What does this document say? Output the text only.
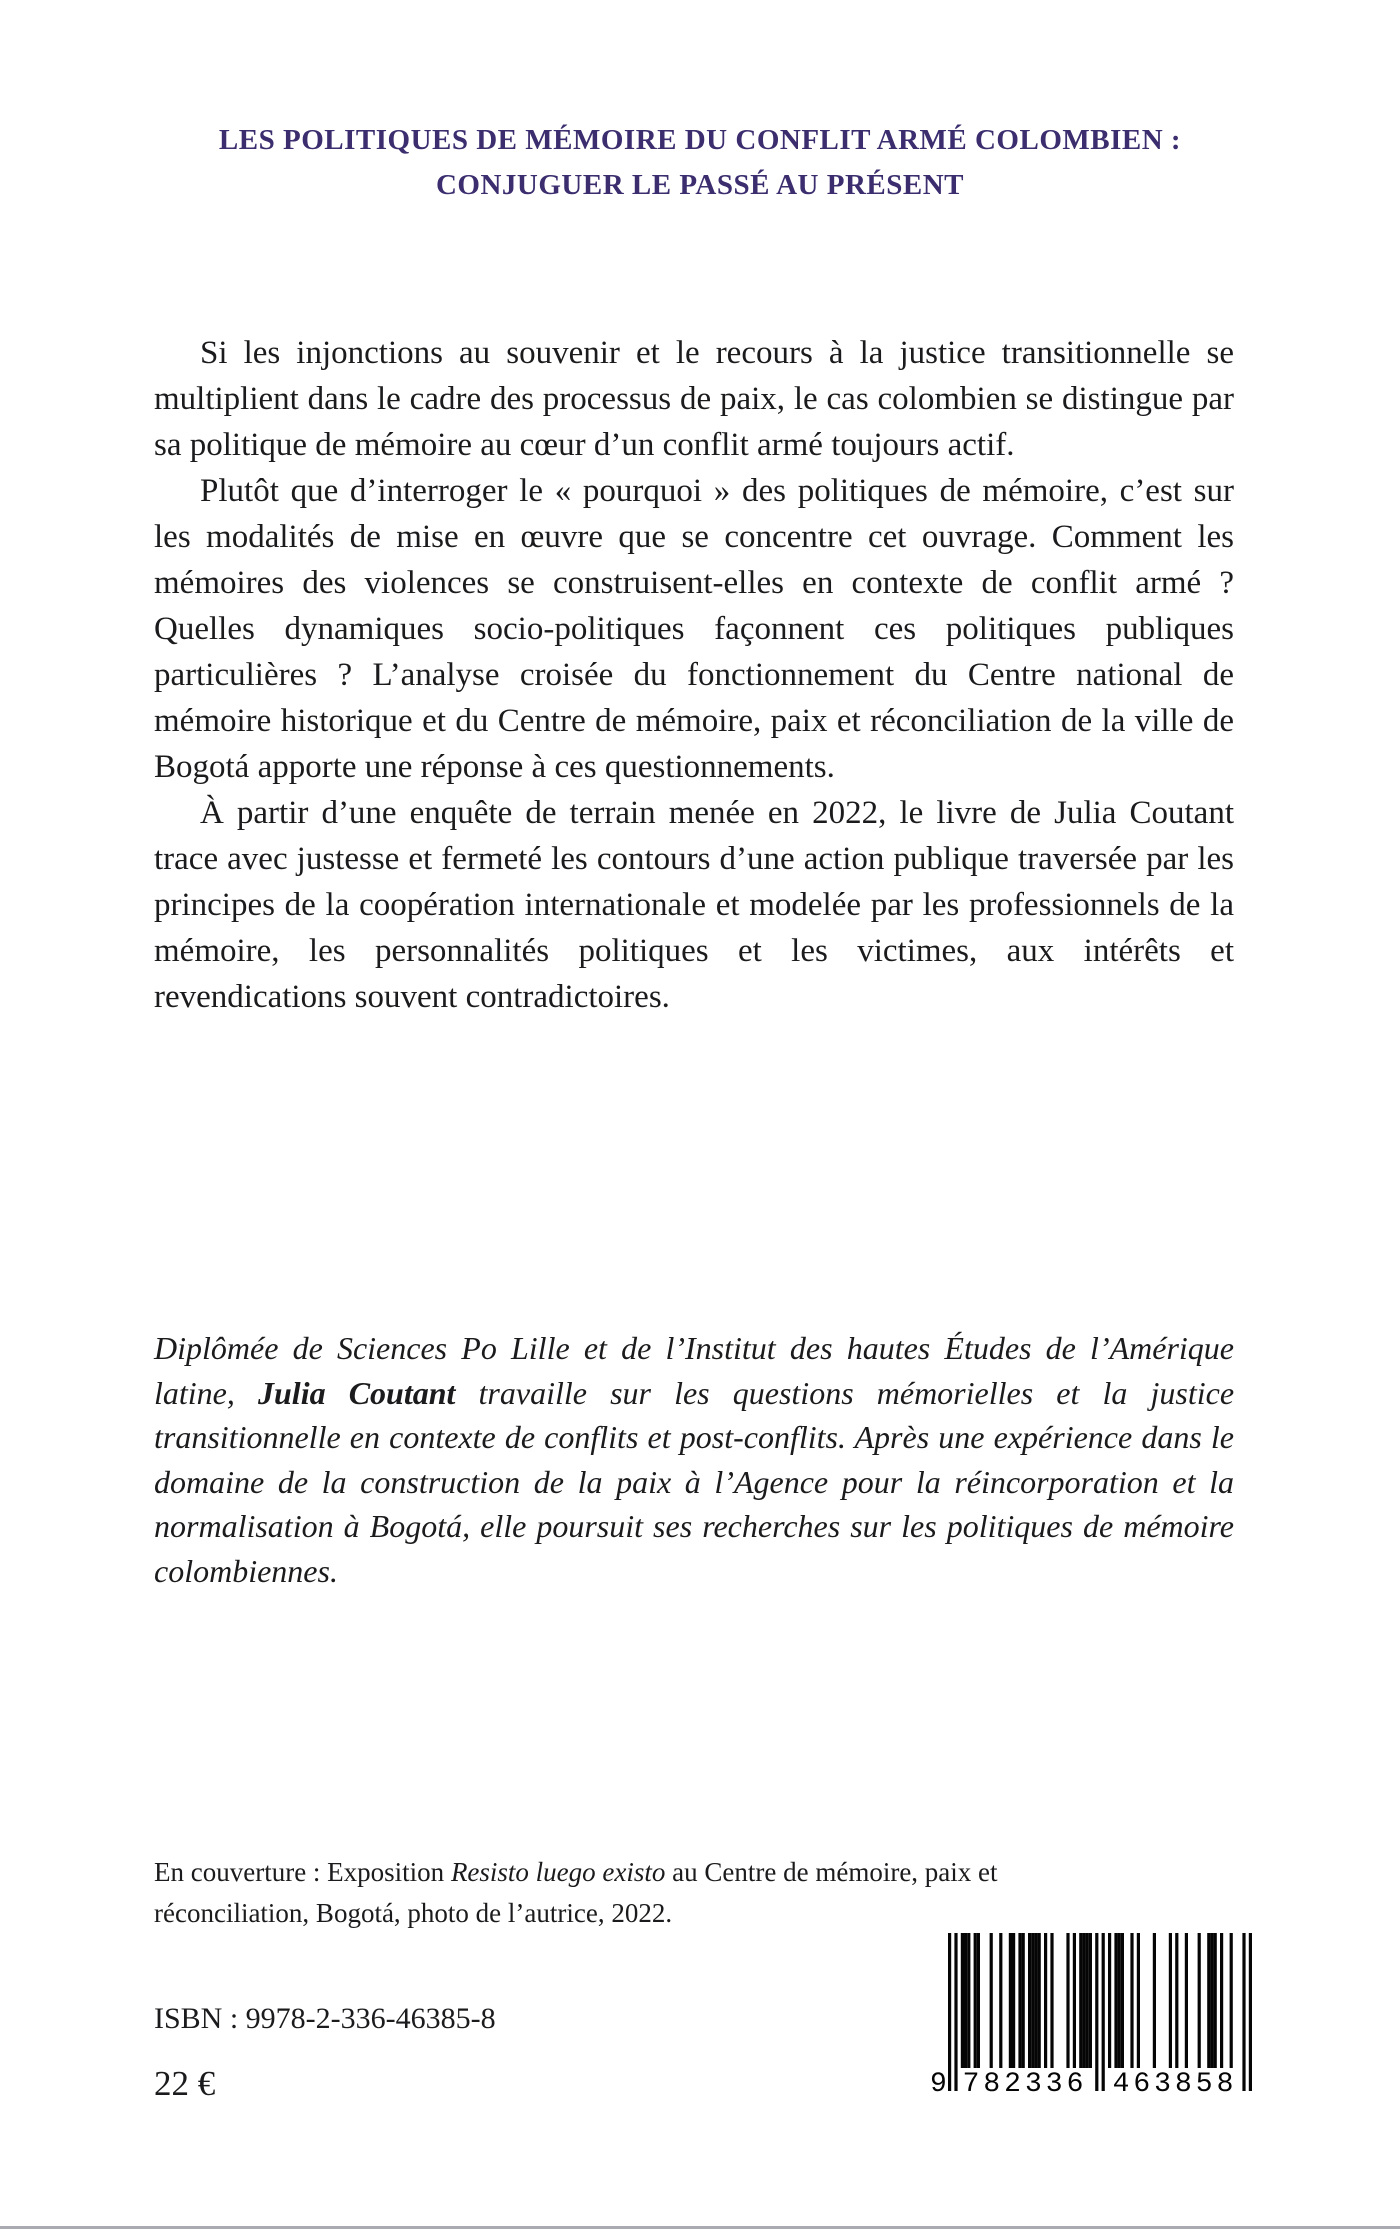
LES POLITIQUES DE MÉMOIRE DU CONFLIT ARMÉ COLOMBIEN :
CONJUGUER LE PASSÉ AU PRÉSENT

Si les injonctions au souvenir et le recours à la justice transitionnelle se multiplient dans le cadre des processus de paix, le cas colombien se distingue par sa politique de mémoire au cœur d’un conflit armé toujours actif.

Plutôt que d’interroger le « pourquoi » des politiques de mémoire, c’est sur les modalités de mise en œuvre que se concentre cet ouvrage. Comment les mémoires des violences se construisent-elles en contexte de conflit armé ? Quelles dynamiques socio-politiques façonnent ces politiques publiques particulières ? L’analyse croisée du fonctionnement du Centre national de mémoire historique et du Centre de mémoire, paix et réconciliation de la ville de Bogotá apporte une réponse à ces questionnements.

À partir d’une enquête de terrain menée en 2022, le livre de Julia Coutant trace avec justesse et fermeté les contours d’une action publique traversée par les principes de la coopération internationale et modelée par les professionnels de la mémoire, les personnalités politiques et les victimes, aux intérêts et revendications souvent contradictoires.

Diplômée de Sciences Po Lille et de l’Institut des hautes Études de l’Amérique latine, Julia Coutant travaille sur les questions mémorielles et la justice transitionnelle en contexte de conflits et post-conflits. Après une expérience dans le domaine de la construction de la paix à l’Agence pour la réincorporation et la normalisation à Bogotá, elle poursuit ses recherches sur les politiques de mémoire colombiennes.

En couverture : Exposition Resisto luego existo au Centre de mémoire, paix et réconciliation, Bogotá, photo de l’autrice, 2022.
ISBN : 9978-2-336-46385-8
22 €	9 782336 463858
